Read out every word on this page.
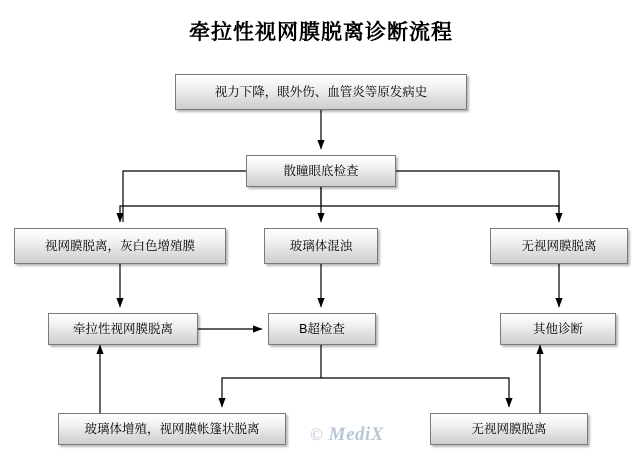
牵拉性视网膜脱离诊断流程
视力下降，眼外伤、血管炎等原发病史
散瞳眼底检查
视网膜脱离，灰白色增殖膜	玻璃体混浊	无视网膜脱离
牵拉性视网膜脱离	B超检查	其他诊断
玻璃体增殖，视网膜帐篷状脱离	无视网膜脱离
© MediX
